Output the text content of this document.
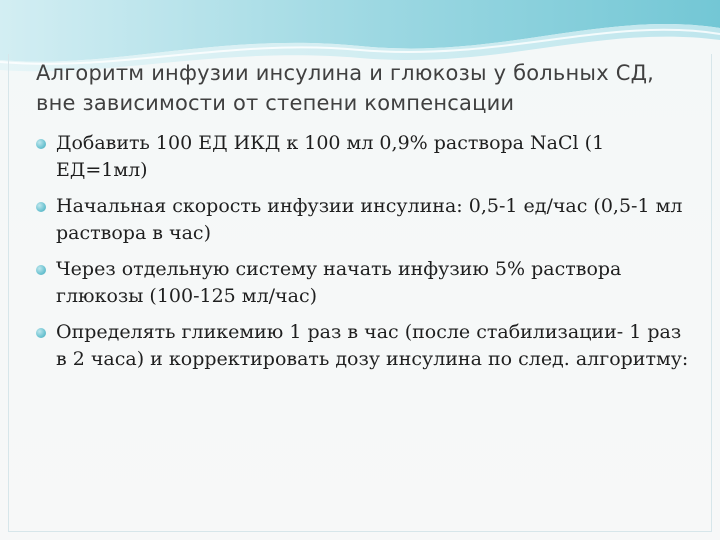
Алгоритм инфузии инсулина и глюкозы у больных СД, вне зависимости от степени компенсации
Добавить 100 ЕД ИКД к 100 мл 0,9% раствора NaCl (1 ЕД=1мл)
Начальная скорость инфузии инсулина: 0,5-1 ед/час (0,5-1 мл раствора в час)
Через отдельную систему начать инфузию 5% раствора глюкозы (100-125 мл/час)
Определять гликемию 1 раз в час (после стабилизации- 1 раз в 2 часа) и корректировать дозу инсулина по след. алгоритму:
